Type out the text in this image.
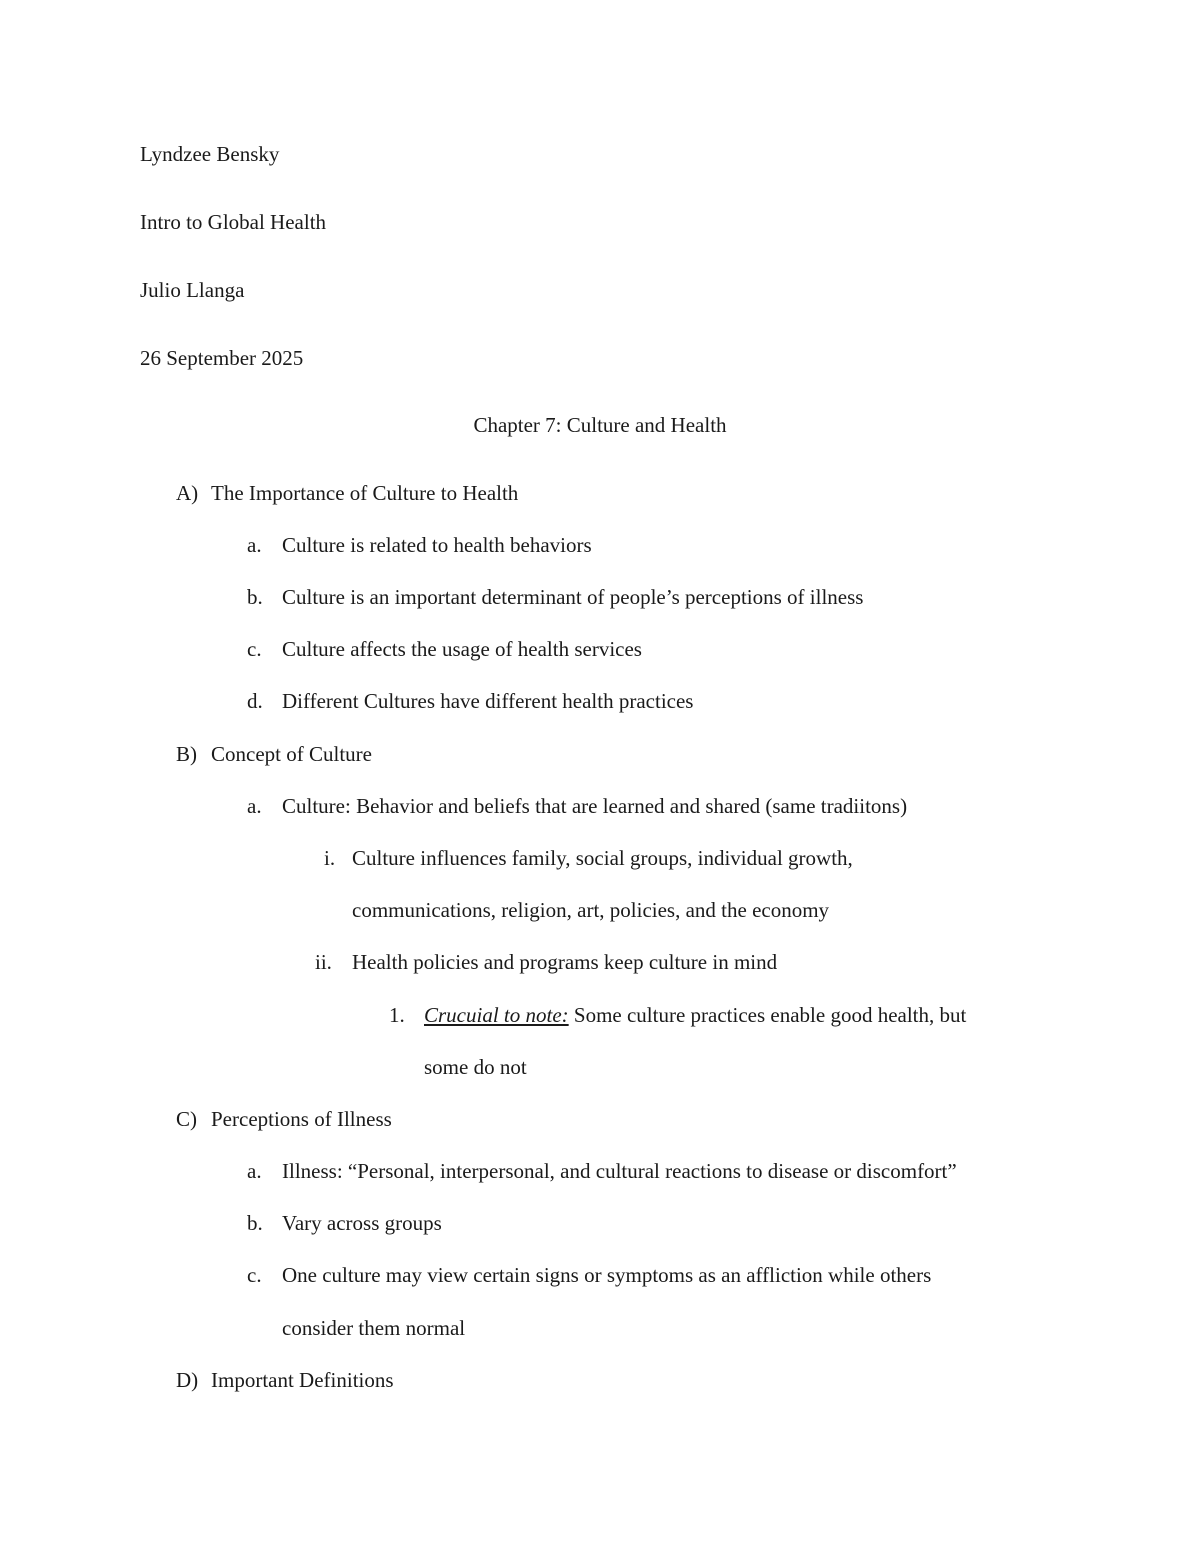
Lyndzee Bensky
Intro to Global Health
Julio Llanga
26 September 2025
Chapter 7: Culture and Health
A) The Importance of Culture to Health
a. Culture is related to health behaviors
b. Culture is an important determinant of people’s perceptions of illness
c. Culture affects the usage of health services
d. Different Cultures have different health practices
B) Concept of Culture
a. Culture: Behavior and beliefs that are learned and shared (same tradiitons)
i. Culture influences family, social groups, individual growth,
communications, religion, art, policies, and the economy
ii. Health policies and programs keep culture in mind
1. Crucuial to note: Some culture practices enable good health, but
some do not
C) Perceptions of Illness
a. Illness: “Personal, interpersonal, and cultural reactions to disease or discomfort”
b. Vary across groups
c. One culture may view certain signs or symptoms as an affliction while others
consider them normal
D) Important Definitions
